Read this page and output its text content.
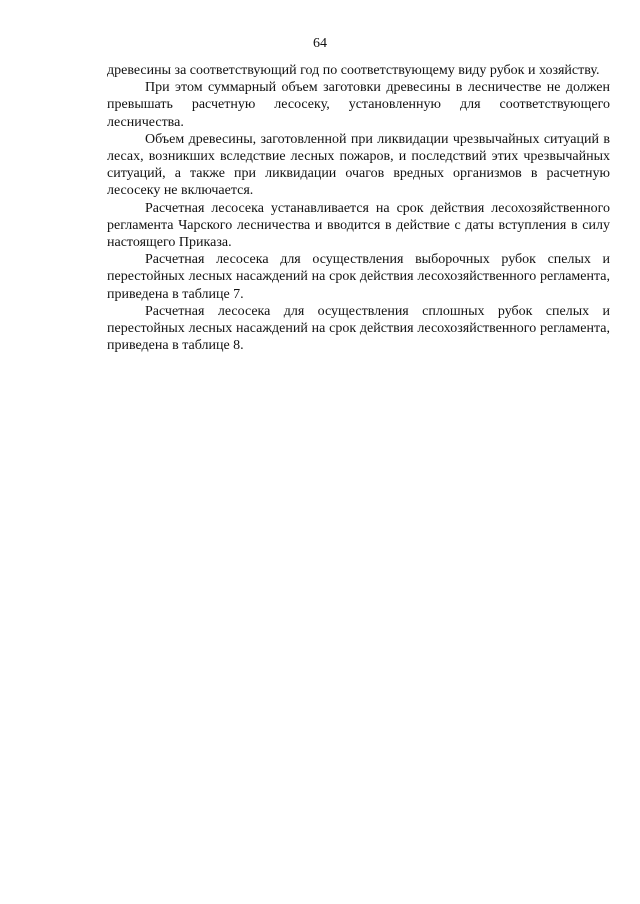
64

древесины за соответствующий год по соответствующему виду рубок и хозяйству.

При этом суммарный объем заготовки древесины в лесничестве не должен превышать расчетную лесосеку, установленную для соответствующего лесничества.

Объем древесины, заготовленной при ликвидации чрезвычайных ситуаций в лесах, возникших вследствие лесных пожаров, и последствий этих чрезвычайных ситуаций, а также при ликвидации очагов вредных организмов в расчетную лесосеку не включается.

Расчетная лесосека устанавливается на срок действия лесохозяйственного регламента Чарского лесничества и вводится в действие с даты вступления в силу настоящего Приказа.

Расчетная лесосека для осуществления выборочных рубок спелых и перестойных лесных насаждений на срок действия лесохозяйственного регламента, приведена в таблице 7.

Расчетная лесосека для осуществления сплошных рубок спелых и перестойных лесных насаждений на срок действия лесохозяйственного регламента, приведена в таблице 8.
